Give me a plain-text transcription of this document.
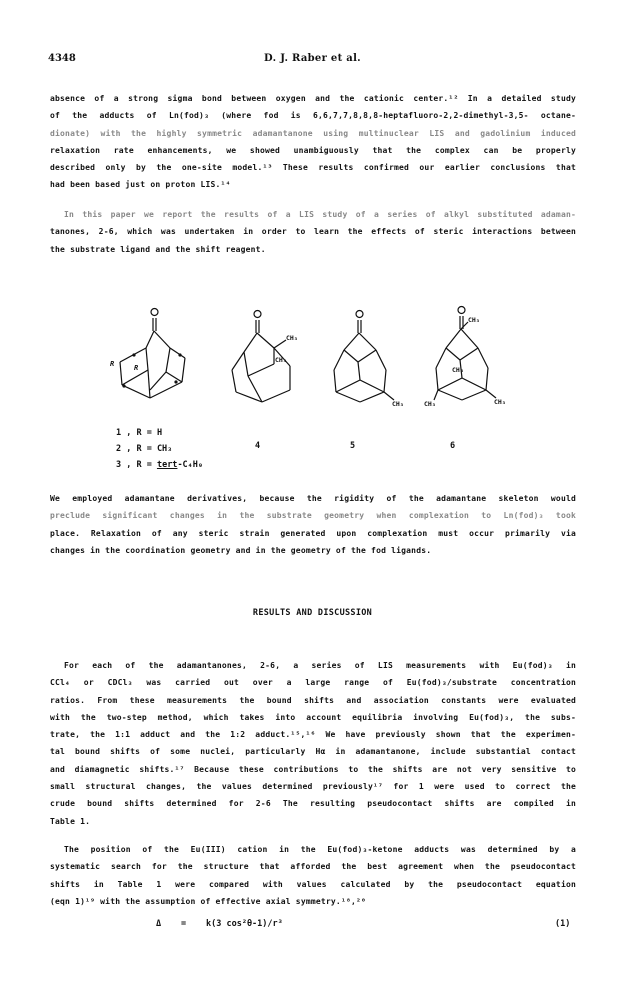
4348	D. J. Raber et al.
absence of a strong sigma bond between oxygen and the cationic center.¹² In a detailed study
of the adducts of Ln(fod)₃ (where fod is 6,6,7,7,8,8,8-heptafluoro-2,2-dimethyl-3,5- octane-
dionate) with the highly symmetric adamantanone using multinuclear LIS and gadolinium induced
relaxation rate enhancements, we showed unambiguously that the complex can be properly
described only by the one-site model.¹³ These results confirmed our earlier conclusions that
had been based just on proton LIS.¹⁴
In this paper we report the results of a LIS study of a series of alkyl substituted adaman-
tanones, 2-6, which was undertaken in order to learn the effects of steric interactions between
the substrate ligand and the shift reagent.
R	R
CH₃
CH₃
CH₃
CH₃
CH₃
CH₃	CH₃
1 , R = H
2 , R = CH₃
3 , R = tert-C₄H₉
4	5	6
We employed adamantane derivatives, because the rigidity of the adamantane skeleton would
preclude significant changes in the substrate geometry when complexation to Ln(fod)₃ took
place. Relaxation of any steric strain generated upon complexation must occur primarily via
changes in the coordination geometry and in the geometry of the fod ligands.
RESULTS AND DISCUSSION
For each of the adamantanones, 2-6, a series of LIS measurements with Eu(fod)₃ in
CCl₄ or CDCl₃ was carried out over a large range of Eu(fod)₃/substrate concentration
ratios. From these measurements the bound shifts and association constants were evaluated
with the two-step method, which takes into account equilibria involving Eu(fod)₃, the subs-
trate, the 1:1 adduct and the 1:2 adduct.¹⁵,¹⁶ We have previously shown that the experimen-
tal bound shifts of some nuclei, particularly Hα in adamantanone, include substantial contact
and diamagnetic shifts.¹⁷ Because these contributions to the shifts are not very sensitive to
small structural changes, the values determined previously¹⁷ for 1 were used to correct the
crude bound shifts determined for 2-6 The resulting pseudocontact shifts are compiled in
Table 1.
The position of the Eu(III) cation in the Eu(fod)₃-ketone adducts was determined by a
systematic search for the structure that afforded the best agreement when the pseudocontact
shifts in Table 1 were compared with values calculated by the pseudocontact equation
(eqn 1)¹⁹ with the assumption of effective axial symmetry.¹⁸,²⁰
Δ = k(3 cos²θ-1)/r³	(1)
